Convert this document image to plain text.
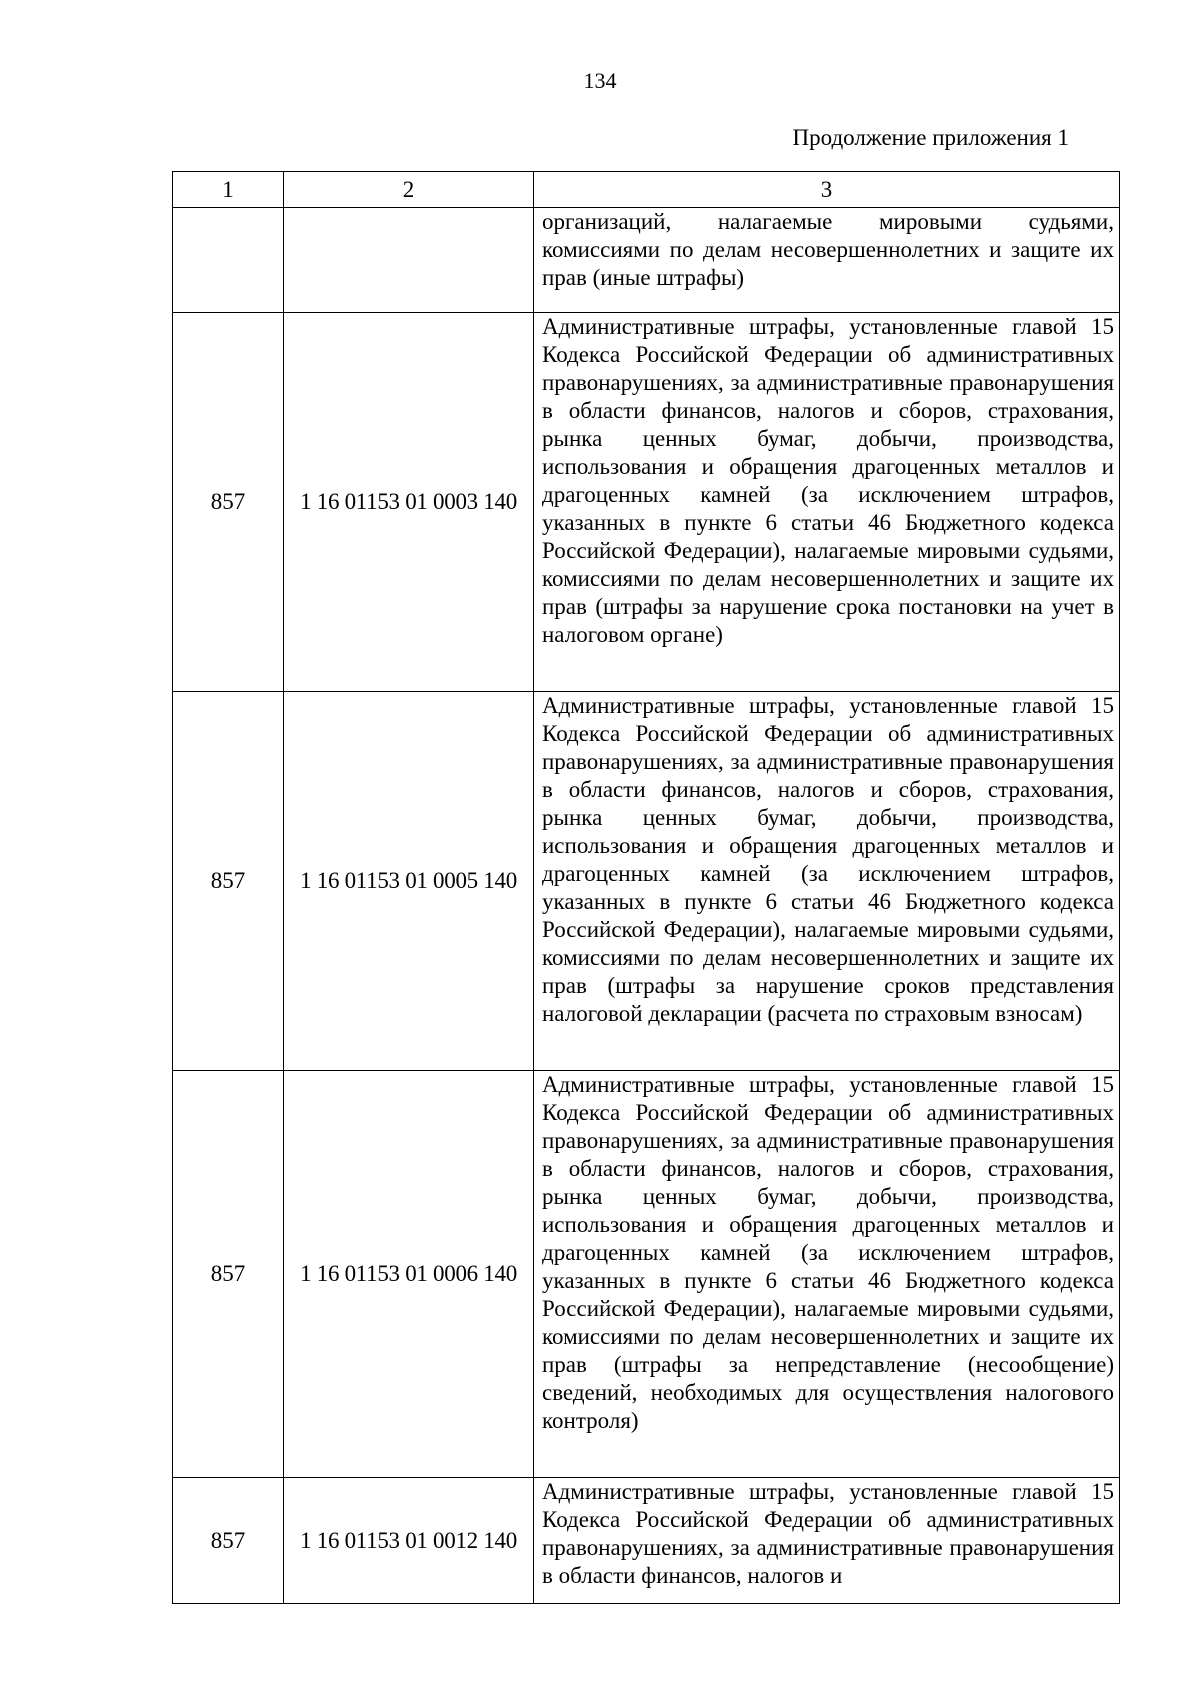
134
Продолжение приложения 1
1	2	3

		организаций, налагаемые мировыми судьями, комиссиями по делам несовершеннолетних и защите их прав (иные штрафы)

857	1 16 01153 01 0003 140	Административные штрафы, установленные главой 15 Кодекса Российской Федерации об административных правонарушениях, за административные правонарушения в области финансов, налогов и сборов, страхования, рынка ценных бумаг, добычи, производства, использования и обращения драгоценных металлов и драгоценных камней (за исключением штрафов, указанных в пункте 6 статьи 46 Бюджетного кодекса Российской Федерации), налагаемые мировыми судьями, комиссиями по делам несовершеннолетних и защите их прав (штрафы за нарушение срока постановки на учет в налоговом органе)

857	1 16 01153 01 0005 140	Административные штрафы, установленные главой 15 Кодекса Российской Федерации об административных правонарушениях, за административные правонарушения в области финансов, налогов и сборов, страхования, рынка ценных бумаг, добычи, производства, использования и обращения драгоценных металлов и драгоценных камней (за исключением штрафов, указанных в пункте 6 статьи 46 Бюджетного кодекса Российской Федерации), налагаемые мировыми судьями, комиссиями по делам несовершеннолетних и защите их прав (штрафы за нарушение сроков представления налоговой декларации (расчета по страховым взносам)

857	1 16 01153 01 0006 140	Административные штрафы, установленные главой 15 Кодекса Российской Федерации об административных правонарушениях, за административные правонарушения в области финансов, налогов и сборов, страхования, рынка ценных бумаг, добычи, производства, использования и обращения драгоценных металлов и драгоценных камней (за исключением штрафов, указанных в пункте 6 статьи 46 Бюджетного кодекса Российской Федерации), налагаемые мировыми судьями, комиссиями по делам несовершеннолетних и защите их прав (штрафы за непредставление (несообщение) сведений, необходимых для осуществления налогового контроля)

857	1 16 01153 01 0012 140	Административные штрафы, установленные главой 15 Кодекса Российской Федерации об административных правонарушениях, за административные правонарушения в области финансов, налогов и
